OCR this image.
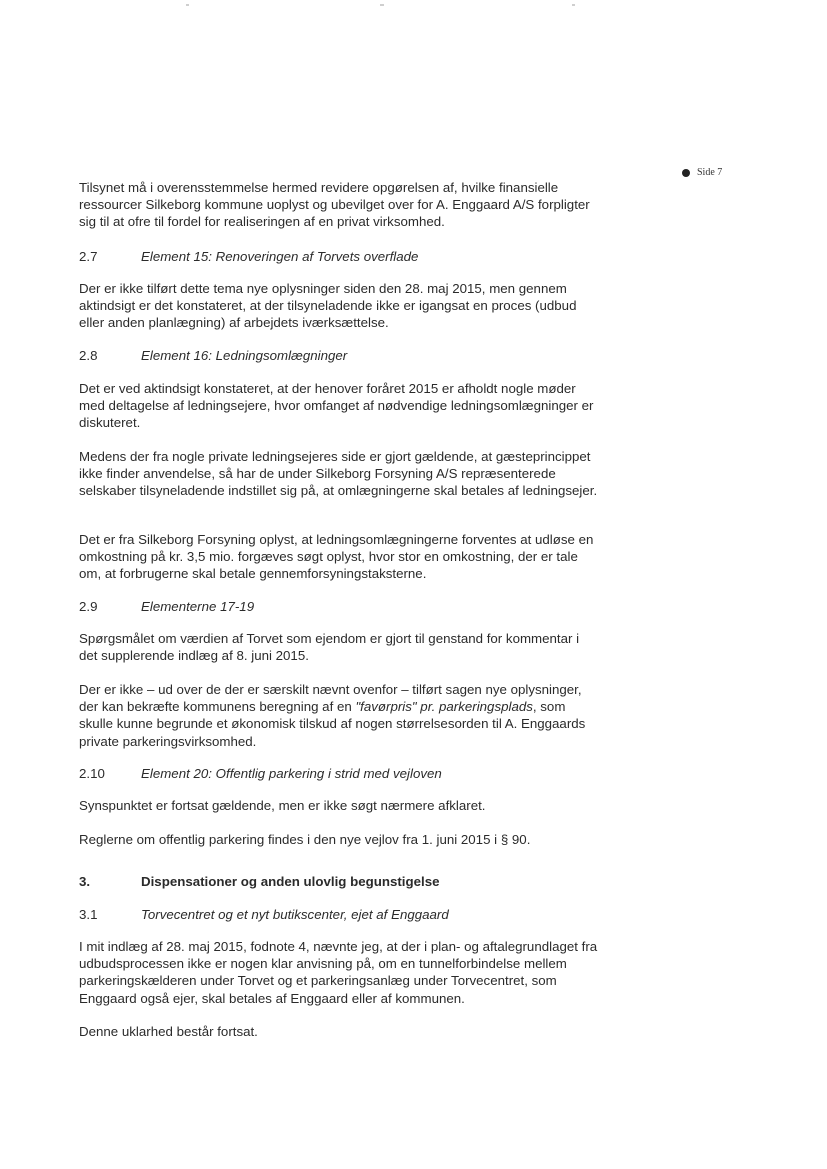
Side 7

Tilsynet må i overensstemmelse hermed revidere opgørelsen af, hvilke finansielle ressourcer Silkeborg kommune uoplyst og ubevilget over for A. Enggaard A/S forpligter sig til at ofre til fordel for realiseringen af en privat virksomhed.

2.7	Element 15: Renoveringen af Torvets overflade

Der er ikke tilført dette tema nye oplysninger siden den 28. maj 2015, men gennem aktindsigt er det konstateret, at der tilsyneladende ikke er igangsat en proces (udbud eller anden planlægning) af arbejdets iværksættelse.

2.8	Element 16: Ledningsomlægninger

Det er ved aktindsigt konstateret, at der henover foråret 2015 er afholdt nogle møder med deltagelse af ledningsejere, hvor omfanget af nødvendige ledningsomlægninger er diskuteret.

Medens der fra nogle private ledningsejeres side er gjort gældende, at gæsteprincippet ikke finder anvendelse, så har de under Silkeborg Forsyning A/S repræsenterede selskaber tilsyneladende indstillet sig på, at omlægningerne skal betales af ledningsejer.

Det er fra Silkeborg Forsyning oplyst, at ledningsomlægningerne forventes at udløse en omkostning på kr. 3,5 mio. forgæves søgt oplyst, hvor stor en omkostning, der er tale om, at forbrugerne skal betale gennemforsyningstaksterne.

2.9	Elementerne 17-19

Spørgsmålet om værdien af Torvet som ejendom er gjort til genstand for kommentar i det supplerende indlæg af 8. juni 2015.

Der er ikke – ud over de der er særskilt nævnt ovenfor – tilført sagen nye oplysninger, der kan bekræfte kommunens beregning af en "favørpris" pr. parkeringsplads, som skulle kunne begrunde et økonomisk tilskud af nogen størrelsesorden til A. Enggaards private parkeringsvirksomhed.

2.10	Element 20: Offentlig parkering i strid med vejloven

Synspunktet er fortsat gældende, men er ikke søgt nærmere afklaret.

Reglerne om offentlig parkering findes i den nye vejlov fra 1. juni 2015 i § 90.

3.	Dispensationer og anden ulovlig begunstigelse
3.1	Torvecentret og et nyt butikscenter, ejet af Enggaard

I mit indlæg af 28. maj 2015, fodnote 4, nævnte jeg, at der i plan- og aftalegrundlaget fra udbudsprocessen ikke er nogen klar anvisning på, om en tunnelforbindelse mellem parkeringskælderen under Torvet og et parkeringsanlæg under Torvecentret, som Enggaard også ejer, skal betales af Enggaard eller af kommunen.

Denne uklarhed består fortsat.
